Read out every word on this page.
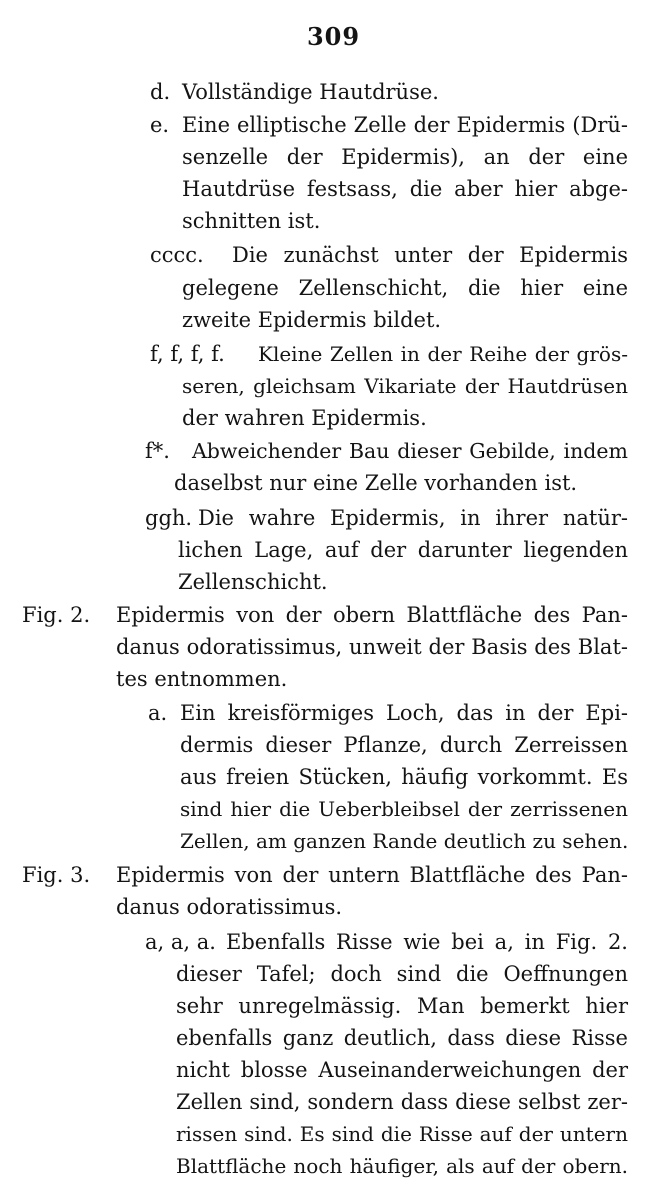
309
d. Vollständige Hautdrüse.
e. Eine elliptische Zelle der Epidermis (Drü-
senzelle der Epidermis), an der eine
Hautdrüse festsass, die aber hier abge-
schnitten ist.
cccc. Die zunächst unter der Epidermis
gelegene Zellenschicht, die hier eine
zweite Epidermis bildet.
f, f, f, f. Kleine Zellen in der Reihe der grös-
seren, gleichsam Vikariate der Hautdrüsen
der wahren Epidermis.
f*. Abweichender Bau dieser Gebilde, indem
daselbst nur eine Zelle vorhanden ist.
ggh. Die wahre Epidermis, in ihrer natür-
lichen Lage, auf der darunter liegenden
Zellenschicht.
Fig. 2. Epidermis von der obern Blattfläche des Pan-
danus odoratissimus, unweit der Basis des Blat-
tes entnommen.
a. Ein kreisförmiges Loch, das in der Epi-
dermis dieser Pflanze, durch Zerreissen
aus freien Stücken, häufig vorkommt. Es
sind hier die Ueberbleibsel der zerrissenen
Zellen, am ganzen Rande deutlich zu sehen.
Fig. 3. Epidermis von der untern Blattfläche des Pan-
danus odoratissimus.
a, a, a. Ebenfalls Risse wie bei a, in Fig. 2.
dieser Tafel; doch sind die Oeffnungen
sehr unregelmässig. Man bemerkt hier
ebenfalls ganz deutlich, dass diese Risse
nicht blosse Auseinanderweichungen der
Zellen sind, sondern dass diese selbst zer-
rissen sind. Es sind die Risse auf der untern
Blattfläche noch häufiger, als auf der obern.
